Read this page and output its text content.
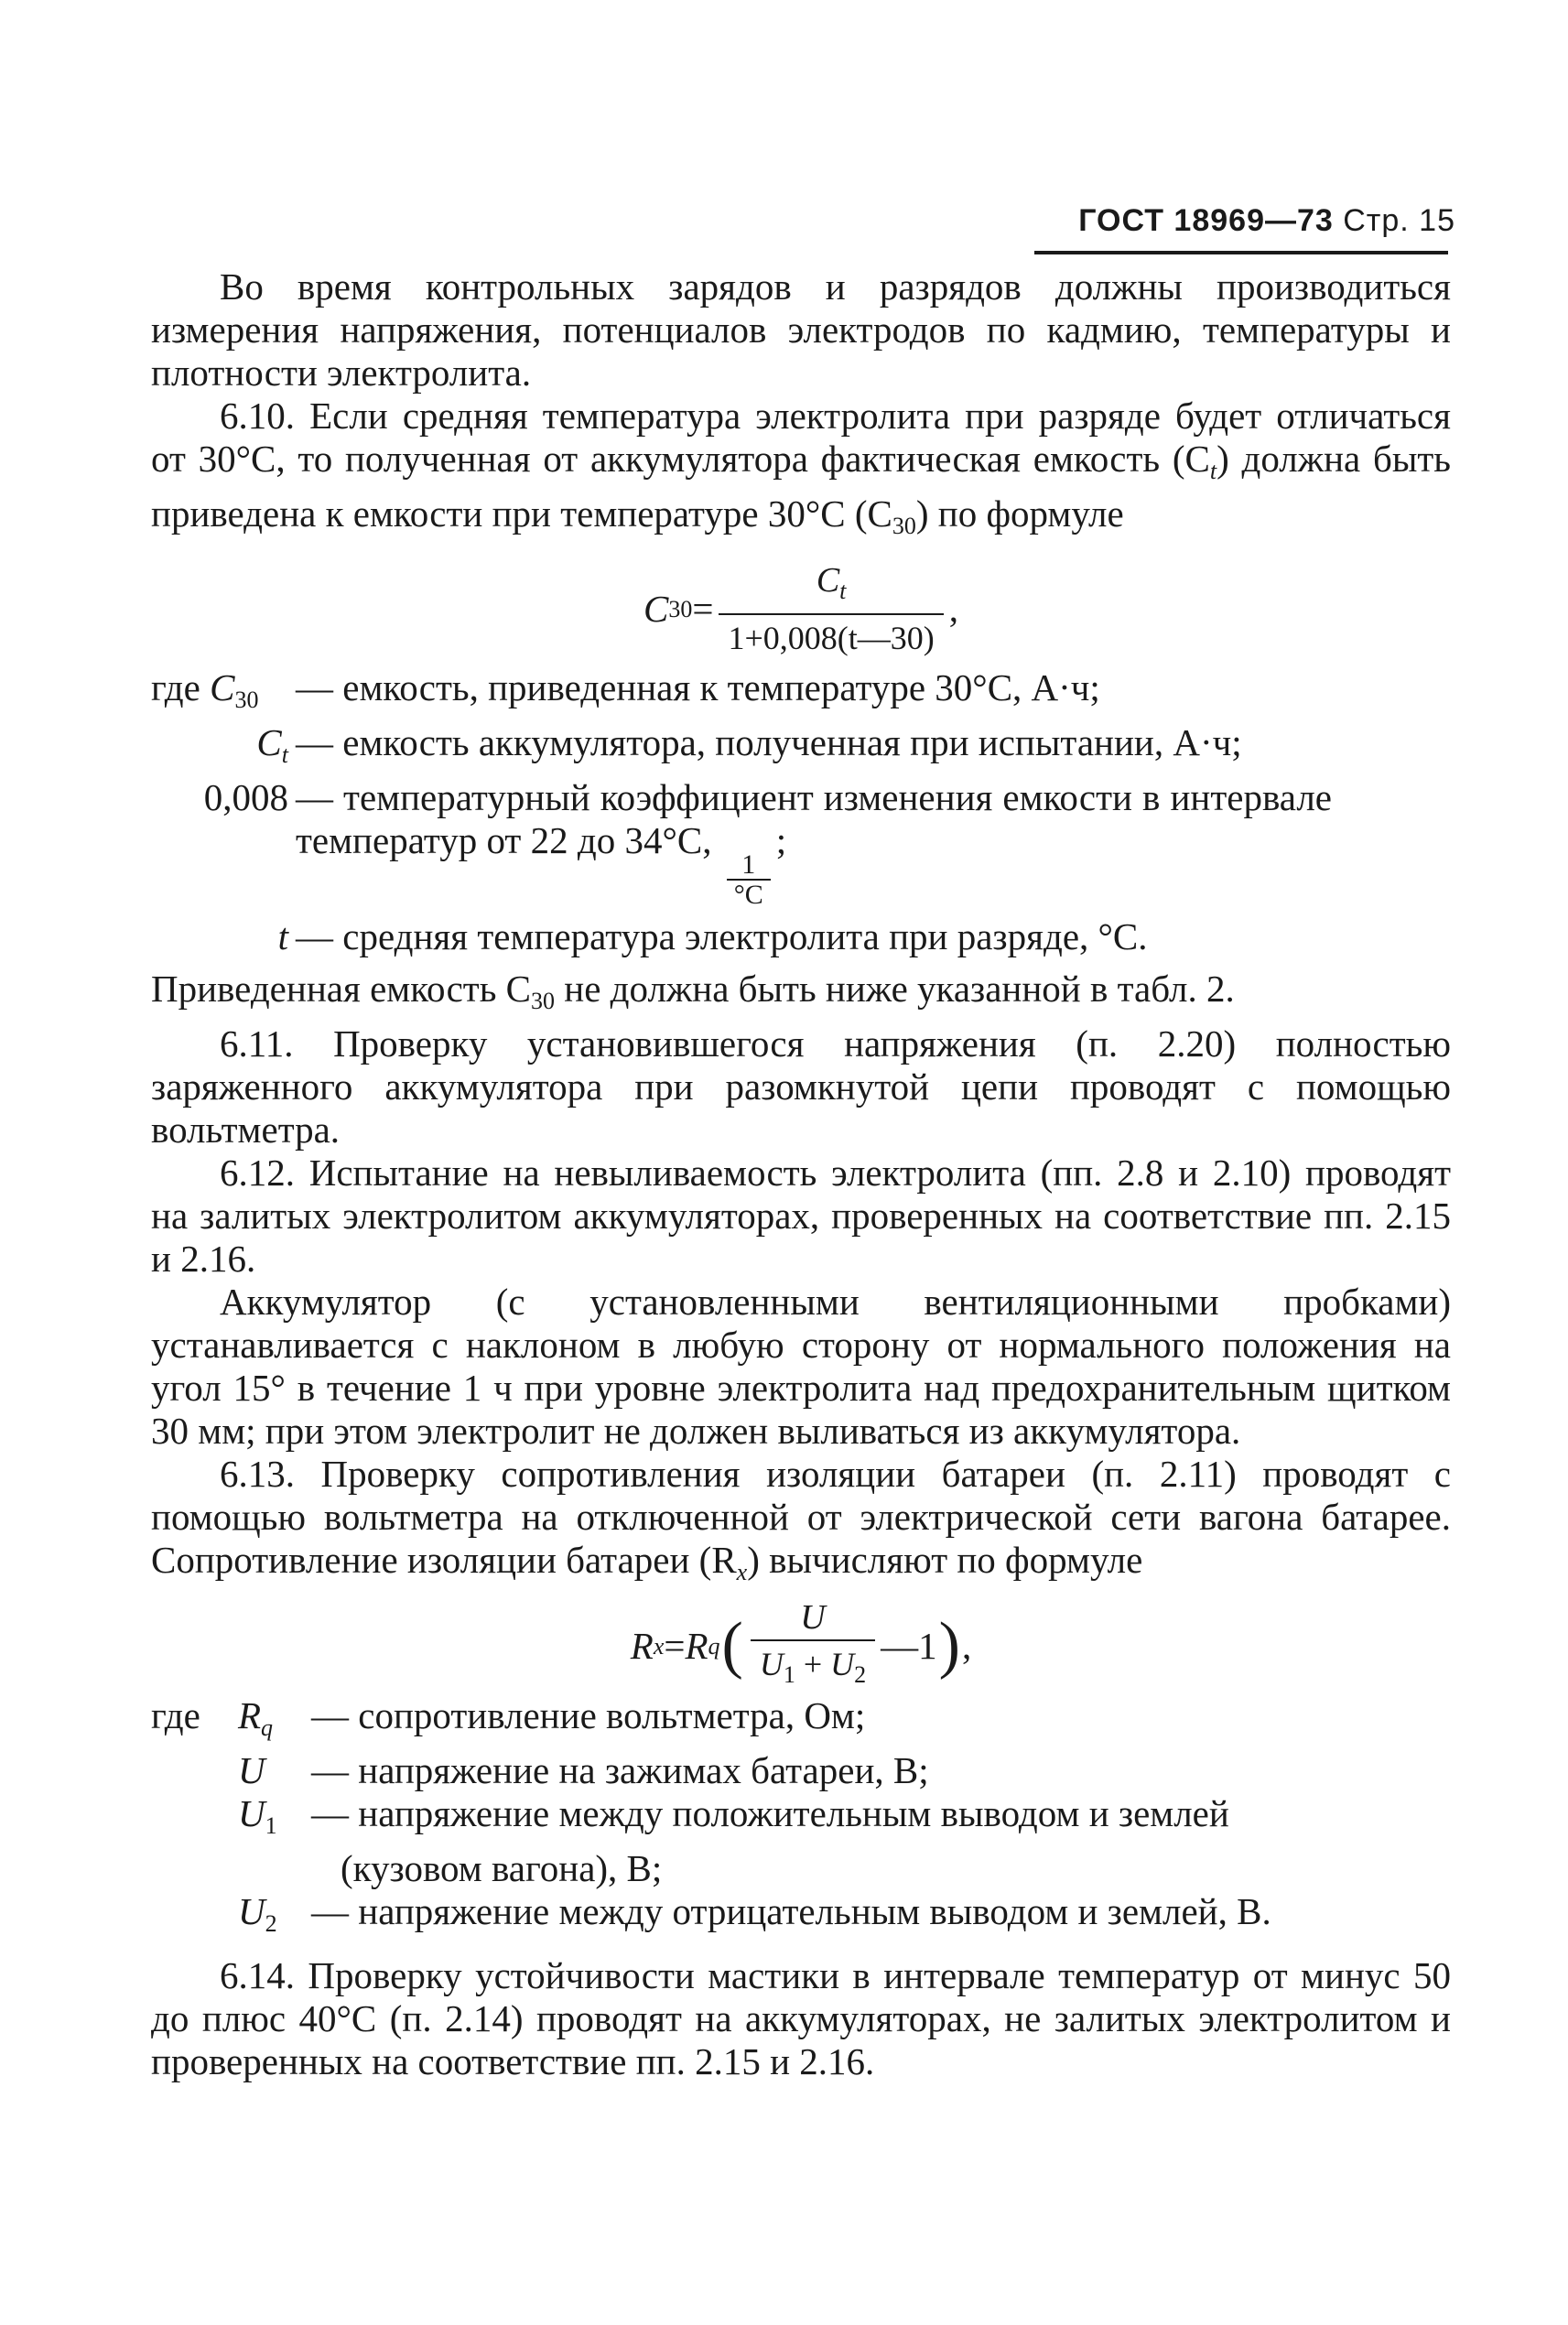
ГОСТ 18969—73 Стр. 15

Во время контрольных зарядов и разрядов должны производиться измерения напряжения, потенциалов электродов по кадмию, температуры и плотности электролита.

6.10. Если средняя температура электролита при разряде будет отличаться от 30°С, то полученная от аккумулятора фактическая емкость $(C_t)$ должна быть приведена к емкости при температуре 30°С $(C_{30})$ по формуле

C $30 = \frac{C_t}{1+0,008(t—30)}$ ,
где $C_{30}$ — емкость, приведенная к температуре 30°С, А·ч;
$C_t$ — емкость аккумулятора, полученная при испытании, А·ч;
0,008 — температурный коэффициент изменения емкости в интервале температур от 22 до 34°С,
$\frac{1}{^\circ С}$
;
t — средняя температура электролита при разряде, °С.

Приведенная емкость $C_{30}$ не должна быть ниже указанной в табл. 2.

6.11. Проверку установившегося напряжения (п. 2.20) полностью заряженного аккумулятора при разомкнутой цепи проводят с помощью вольтметра.

6.12. Испытание на невыливаемость электролита (пп. 2.8 и 2.10) проводят на залитых электролитом аккумуляторах, проверенных на соответствие пп. 2.15 и 2.16.

Аккумулятор (с установленными вентиляционными пробками) устанавливается с наклоном в любую сторону от нормального положения на угол 15° в течение 1 ч при уровне электролита над предохранительным щитком 30 мм; при этом электролит не должен выливаться из аккумулятора.

6.13. Проверку сопротивления изоляции батареи (п. 2.11) проводят с помощью вольтметра на отключенной от электрической сети вагона батарее. Сопротивление изоляции батареи $(R_x)$ вычисляют по формуле

R x = R q ( $\frac{U}{U_1 + U_2}$ —1 ) ,
где	$R_q$	— сопротивление вольтметра, Ом;
U	— напряжение на зажимах батареи, В;
$U_1$ — напряжение между положительным выводом и землей
(кузовом вагона), В;
$U_2$ — напряжение между отрицательным выводом и землей, В.

6.14. Проверку устойчивости мастики в интервале температур от минус 50 до плюс 40°С (п. 2.14) проводят на аккумуляторах, не залитых электролитом и проверенных на соответствие пп. 2.15 и 2.16.
